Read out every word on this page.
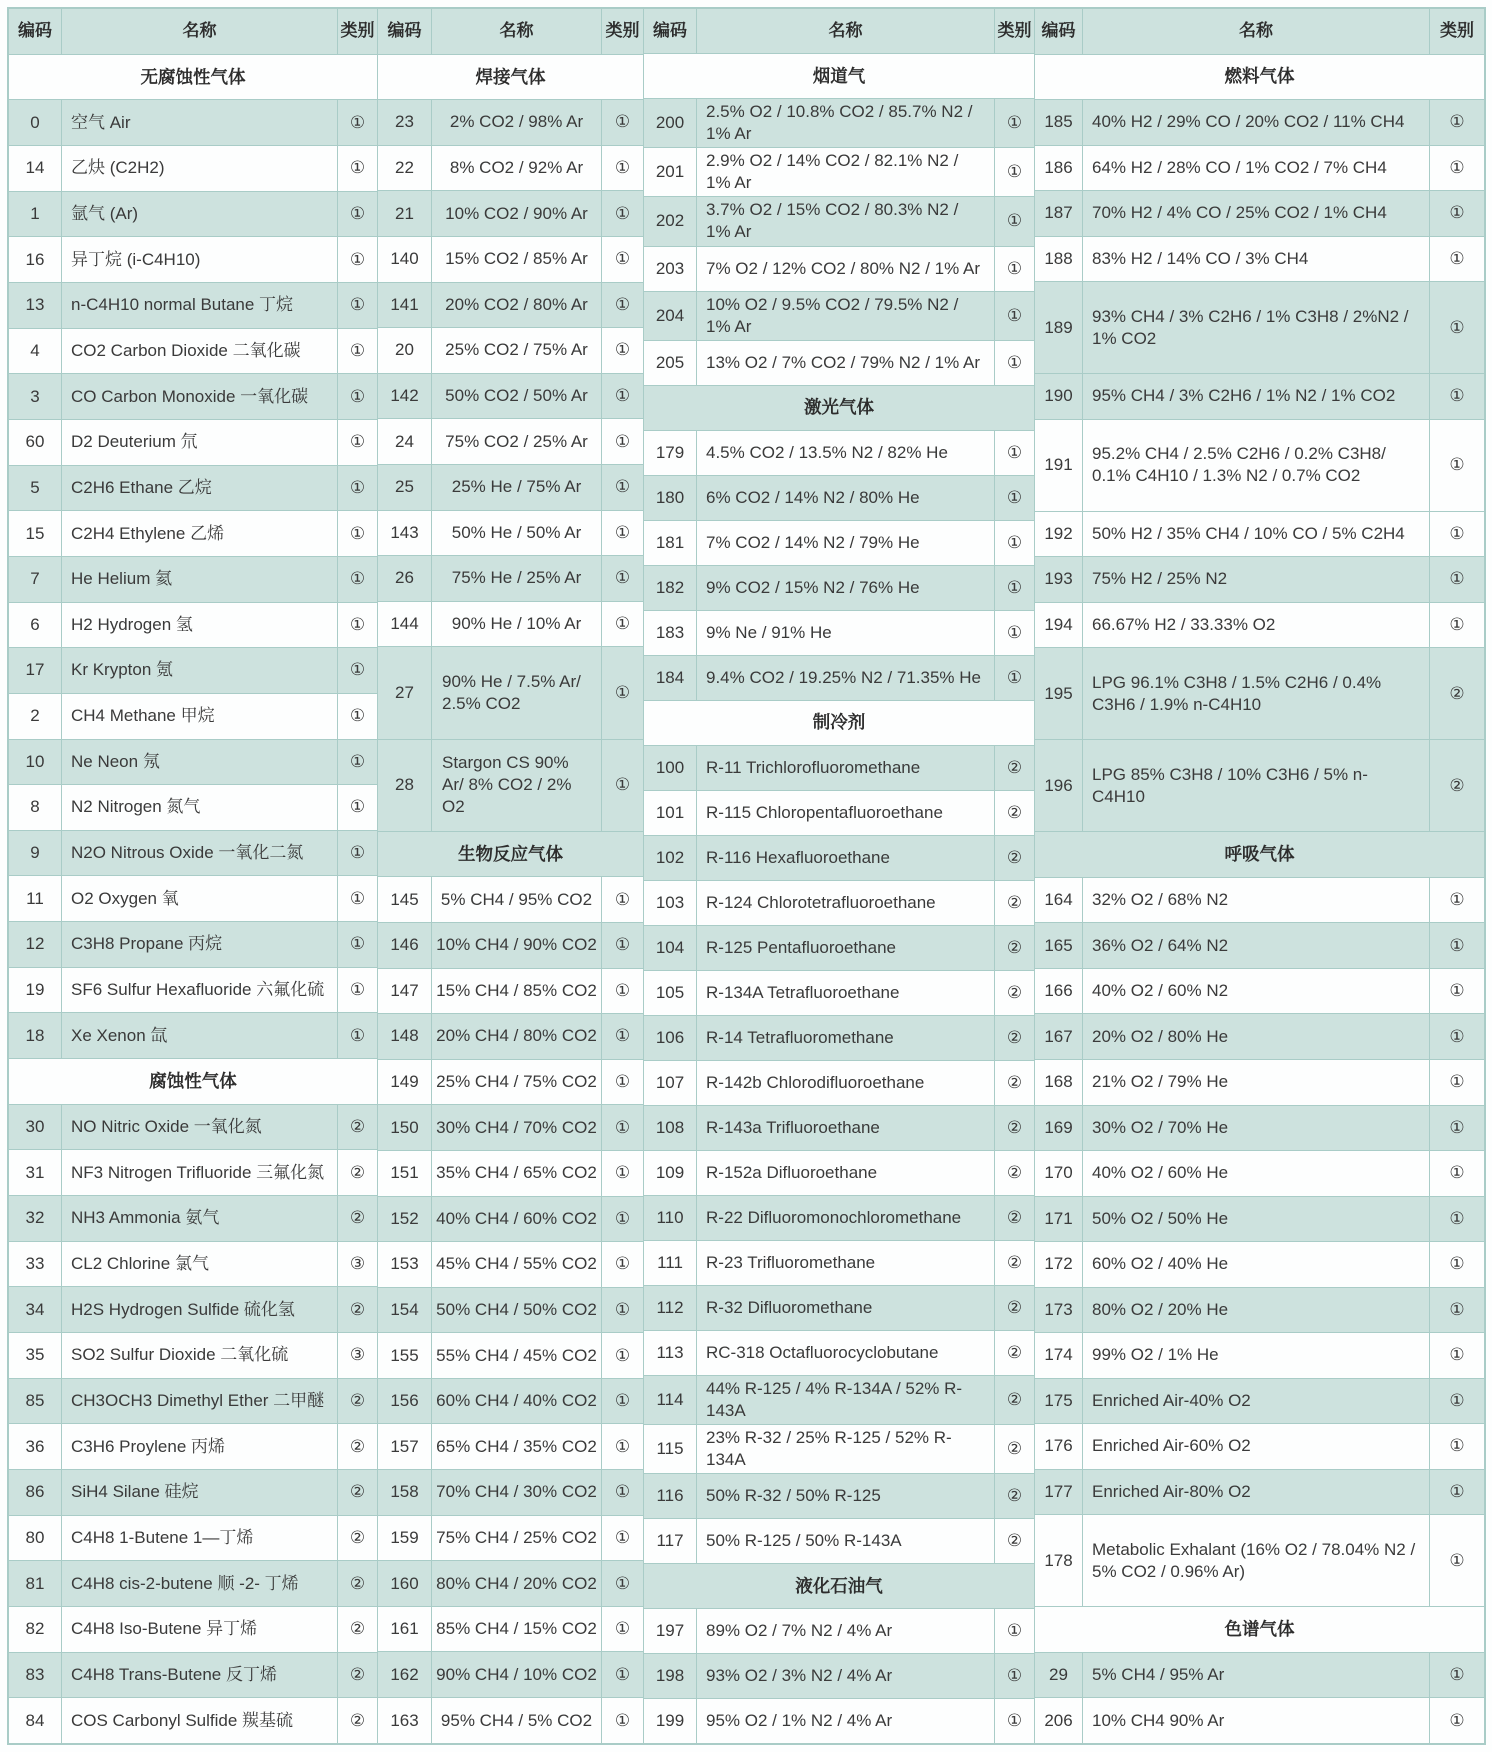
编码	名称	类别
无腐蚀性气体		
0	空气 Air	①
14	乙炔 (C2H2)	①
1	氩气 (Ar)	①
16	异丁烷 (i-C4H10)	①
13	n-C4H10 normal Butane 丁烷	①
4	CO2 Carbon Dioxide 二氧化碳	①
3	CO Carbon Monoxide 一氧化碳	①
60	D2 Deuterium 氘	①
5	C2H6 Ethane 乙烷	①
15	C2H4 Ethylene 乙烯	①
7	He Helium 氦	①
6	H2 Hydrogen 氢	①
17	Kr Krypton 氪	①
2	CH4 Methane 甲烷	①
10	Ne Neon 氖	①
8	N2 Nitrogen 氮气	①
9	N2O Nitrous Oxide 一氧化二氮	①
11	O2 Oxygen 氧	①
12	C3H8 Propane 丙烷	①
19	SF6 Sulfur Hexafluoride 六氟化硫	①
18	Xe Xenon 氙	①
腐蚀性气体		
30	NO Nitric Oxide 一氧化氮	②
31	NF3 Nitrogen Trifluoride 三氟化氮	②
32	NH3 Ammonia 氨气	②
33	CL2 Chlorine 氯气	③
34	H2S Hydrogen Sulfide 硫化氢	②
35	SO2 Sulfur Dioxide 二氧化硫	③
85	CH3OCH3 Dimethyl Ether 二甲醚	②
36	C3H6 Proylene 丙烯	②
86	SiH4 Silane 硅烷	②
80	C4H8 1-Butene 1—丁烯	②
81	C4H8 cis-2-butene 顺 -2- 丁烯	②
82	C4H8 Iso-Butene 异丁烯	②
83	C4H8 Trans-Butene 反丁烯	②
84	COS Carbonyl Sulfide 羰基硫	②
编码	名称	类别
焊接气体		
23	2% CO2 / 98% Ar	①
22	8% CO2 / 92% Ar	①
21	10% CO2 / 90% Ar	①
140	15% CO2 / 85% Ar	①
141	20% CO2 / 80% Ar	①
20	25% CO2 / 75% Ar	①
142	50% CO2 / 50% Ar	①
24	75% CO2 / 25% Ar	①
25	25% He / 75% Ar	①
143	50% He / 50% Ar	①
26	75% He / 25% Ar	①
144	90% He / 10% Ar	①
27	90% He / 7.5% Ar/ 2.5% CO2	①
28	Stargon CS 90% Ar/ 8% CO2 / 2% O2	①
生物反应气体		
145	5% CH4 / 95% CO2	①
146	10% CH4 / 90% CO2	①
147	15% CH4 / 85% CO2	①
148	20% CH4 / 80% CO2	①
149	25% CH4 / 75% CO2	①
150	30% CH4 / 70% CO2	①
151	35% CH4 / 65% CO2	①
152	40% CH4 / 60% CO2	①
153	45% CH4 / 55% CO2	①
154	50% CH4 / 50% CO2	①
155	55% CH4 / 45% CO2	①
156	60% CH4 / 40% CO2	①
157	65% CH4 / 35% CO2	①
158	70% CH4 / 30% CO2	①
159	75% CH4 / 25% CO2	①
160	80% CH4 / 20% CO2	①
161	85% CH4 / 15% CO2	①
162	90% CH4 / 10% CO2	①
163	95% CH4 / 5% CO2	①
编码	名称	类别
烟道气		
200	2.5% O2 / 10.8% CO2 / 85.7% N2 / 1% Ar	①
201	2.9% O2 / 14% CO2 / 82.1% N2 / 1% Ar	①
202	3.7% O2 / 15% CO2 / 80.3% N2 / 1% Ar	①
203	7% O2 / 12% CO2 / 80% N2 / 1% Ar	①
204	10% O2 / 9.5% CO2 / 79.5% N2 / 1% Ar	①
205	13% O2 / 7% CO2 / 79% N2 / 1% Ar	①
激光气体		
179	4.5% CO2 / 13.5% N2 / 82% He	①
180	6% CO2 / 14% N2 / 80% He	①
181	7% CO2 / 14% N2 / 79% He	①
182	9% CO2 / 15% N2 / 76% He	①
183	9% Ne / 91% He	①
184	9.4% CO2 / 19.25% N2 / 71.35% He	①
制冷剂		
100	R-11 Trichlorofluoromethane	②
101	R-115 Chloropentafluoroethane	②
102	R-116 Hexafluoroethane	②
103	R-124 Chlorotetrafluoroethane	②
104	R-125 Pentafluoroethane	②
105	R-134A Tetrafluoroethane	②
106	R-14 Tetrafluoromethane	②
107	R-142b Chlorodifluoroethane	②
108	R-143a Trifluoroethane	②
109	R-152a Difluoroethane	②
110	R-22 Difluoromonochloromethane	②
111	R-23 Trifluoromethane	②
112	R-32 Difluoromethane	②
113	RC-318 Octafluorocyclobutane	②
114	44% R-125 / 4% R-134A / 52% R-143A	②
115	23% R-32 / 25% R-125 / 52% R-134A	②
116	50% R-32 / 50% R-125	②
117	50% R-125 / 50% R-143A	②
液化石油气		
197	89% O2 / 7% N2 / 4% Ar	①
198	93% O2 / 3% N2 / 4% Ar	①
199	95% O2 / 1% N2 / 4% Ar	①
编码	名称	类别
燃料气体		
185	40% H2 / 29% CO / 20% CO2 / 11% CH4	①
186	64% H2 / 28% CO / 1% CO2 / 7% CH4	①
187	70% H2 / 4% CO / 25% CO2 / 1% CH4	①
188	83% H2 / 14% CO / 3% CH4	①
189	93% CH4 / 3% C2H6 / 1% C3H8 / 2%N2 / 1% CO2	①
190	95% CH4 / 3% C2H6 / 1% N2 / 1% CO2	①
191	95.2% CH4 / 2.5% C2H6 / 0.2% C3H8/ 0.1% C4H10 / 1.3% N2 / 0.7% CO2	①
192	50% H2 / 35% CH4 / 10% CO / 5% C2H4	①
193	75% H2 / 25% N2	①
194	66.67% H2 / 33.33% O2	①
195	LPG 96.1% C3H8 / 1.5% C2H6 / 0.4% C3H6 / 1.9% n-C4H10	②
196	LPG 85% C3H8 / 10% C3H6 / 5% n-C4H10	②
呼吸气体		
164	32% O2 / 68% N2	①
165	36% O2 / 64% N2	①
166	40% O2 / 60% N2	①
167	20% O2 / 80% He	①
168	21% O2 / 79% He	①
169	30% O2 / 70% He	①
170	40% O2 / 60% He	①
171	50% O2 / 50% He	①
172	60% O2 / 40% He	①
173	80% O2 / 20% He	①
174	99% O2 / 1% He	①
175	Enriched Air-40% O2	①
176	Enriched Air-60% O2	①
177	Enriched Air-80% O2	①
178	Metabolic Exhalant (16% O2 / 78.04% N2 / 5% CO2 / 0.96% Ar)	①
色谱气体		
29	5% CH4 / 95% Ar	①
206	10% CH4 90% Ar	①
